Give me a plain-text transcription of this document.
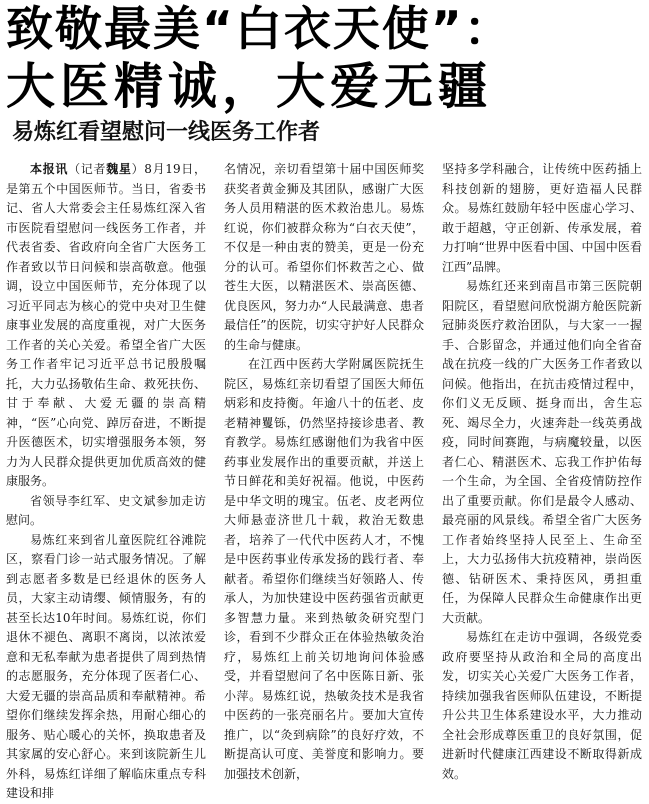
致敬最美“白衣天使”：
大医精诚，大爱无疆
易炼红看望慰问一线医务工作者

本报讯（记者魏星）8月19日，是第五个中国医师节。当日，省委书记、省人大常委会主任易炼红深入省市医院看望慰问一线医务工作者，并代表省委、省政府向全省广大医务工作者致以节日问候和崇高敬意。他强调，设立中国医师节，充分体现了以习近平同志为核心的党中央对卫生健康事业发展的高度重视，对广大医务工作者的关心关爱。希望全省广大医务工作者牢记习近平总书记殷殷嘱托，大力弘扬敬佑生命、救死扶伤、甘于奉献、大爱无疆的崇高精神，“医”心向党、踔厉奋进，不断提升医德医术，切实增强服务本领，努力为人民群众提供更加优质高效的健康服务。

省领导李红军、史文斌参加走访慰问。

易炼红来到省儿童医院红谷滩院区，察看门诊一站式服务情况。了解到志愿者多数是已经退休的医务人员，大家主动请缨、倾情服务，有的甚至长达10年时间。易炼红说，你们退休不褪色、离职不离岗，以浓浓爱意和无私奉献为患者提供了周到热情的志愿服务，充分体现了医者仁心、大爱无疆的崇高品质和奉献精神。希望你们继续发挥余热，用耐心细心的服务、贴心暖心的关怀，换取患者及其家属的安心舒心。来到该院新生儿外科，易炼红详细了解临床重点专科建设和排

名情况，亲切看望第十届中国医师奖获奖者黄金狮及其团队，感谢广大医务人员用精湛的医术救治患儿。易炼红说，你们被群众称为“白衣天使”，不仅是一种由衷的赞美，更是一份充分的认可。希望你们怀救苦之心、做苍生大医，以精湛医术、崇高医德、优良医风，努力办“人民最满意、患者最信任”的医院，切实守护好人民群众的生命与健康。

在江西中医药大学附属医院抚生院区，易炼红亲切看望了国医大师伍炳彩和皮持衡。年逾八十的伍老、皮老精神矍铄，仍然坚持接诊患者、教育教学。易炼红感谢他们为我省中医药事业发展作出的重要贡献，并送上节日鲜花和美好祝福。他说，中医药是中华文明的瑰宝。伍老、皮老两位大师悬壶济世几十载，救治无数患者，培养了一代代中医药人才，不愧是中医药事业传承发扬的践行者、奉献者。希望你们继续当好领路人、传承人，为加快建设中医药强省贡献更多智慧力量。来到热敏灸研究型门诊，看到不少群众正在体验热敏灸治疗，易炼红上前关切地询问体验感受，并看望慰问了名中医陈日新、张小萍。易炼红说，热敏灸技术是我省中医药的一张亮丽名片。要加大宣传推广，以“灸到病除”的良好疗效，不断提高认可度、美誉度和影响力。要加强技术创新，

坚持多学科融合，让传统中医药插上科技创新的翅膀，更好造福人民群众。易炼红鼓励年轻中医虚心学习、敢于超越，守正创新、传承发展，着力打响“世界中医看中国、中国中医看江西”品牌。

易炼红还来到南昌市第三医院朝阳院区，看望慰问欣悦湖方舱医院新冠肺炎医疗救治团队，与大家一一握手、合影留念，并通过他们向全省奋战在抗疫一线的广大医务工作者致以问候。他指出，在抗击疫情过程中，你们义无反顾、挺身而出，舍生忘死、竭尽全力，火速奔赴一线英勇战疫，同时间赛跑，与病魔较量，以医者仁心、精湛医术、忘我工作护佑每一个生命，为全国、全省疫情防控作出了重要贡献。你们是最令人感动、最亮丽的风景线。希望全省广大医务工作者始终坚持人民至上、生命至上，大力弘扬伟大抗疫精神，崇尚医德、钻研医术、秉持医风，勇担重任，为保障人民群众生命健康作出更大贡献。

易炼红在走访中强调，各级党委政府要坚持从政治和全局的高度出发，切实关心关爱广大医务工作者，持续加强我省医师队伍建设，不断提升公共卫生体系建设水平，大力推动全社会形成尊医重卫的良好氛围，促进新时代健康江西建设不断取得新成效。
